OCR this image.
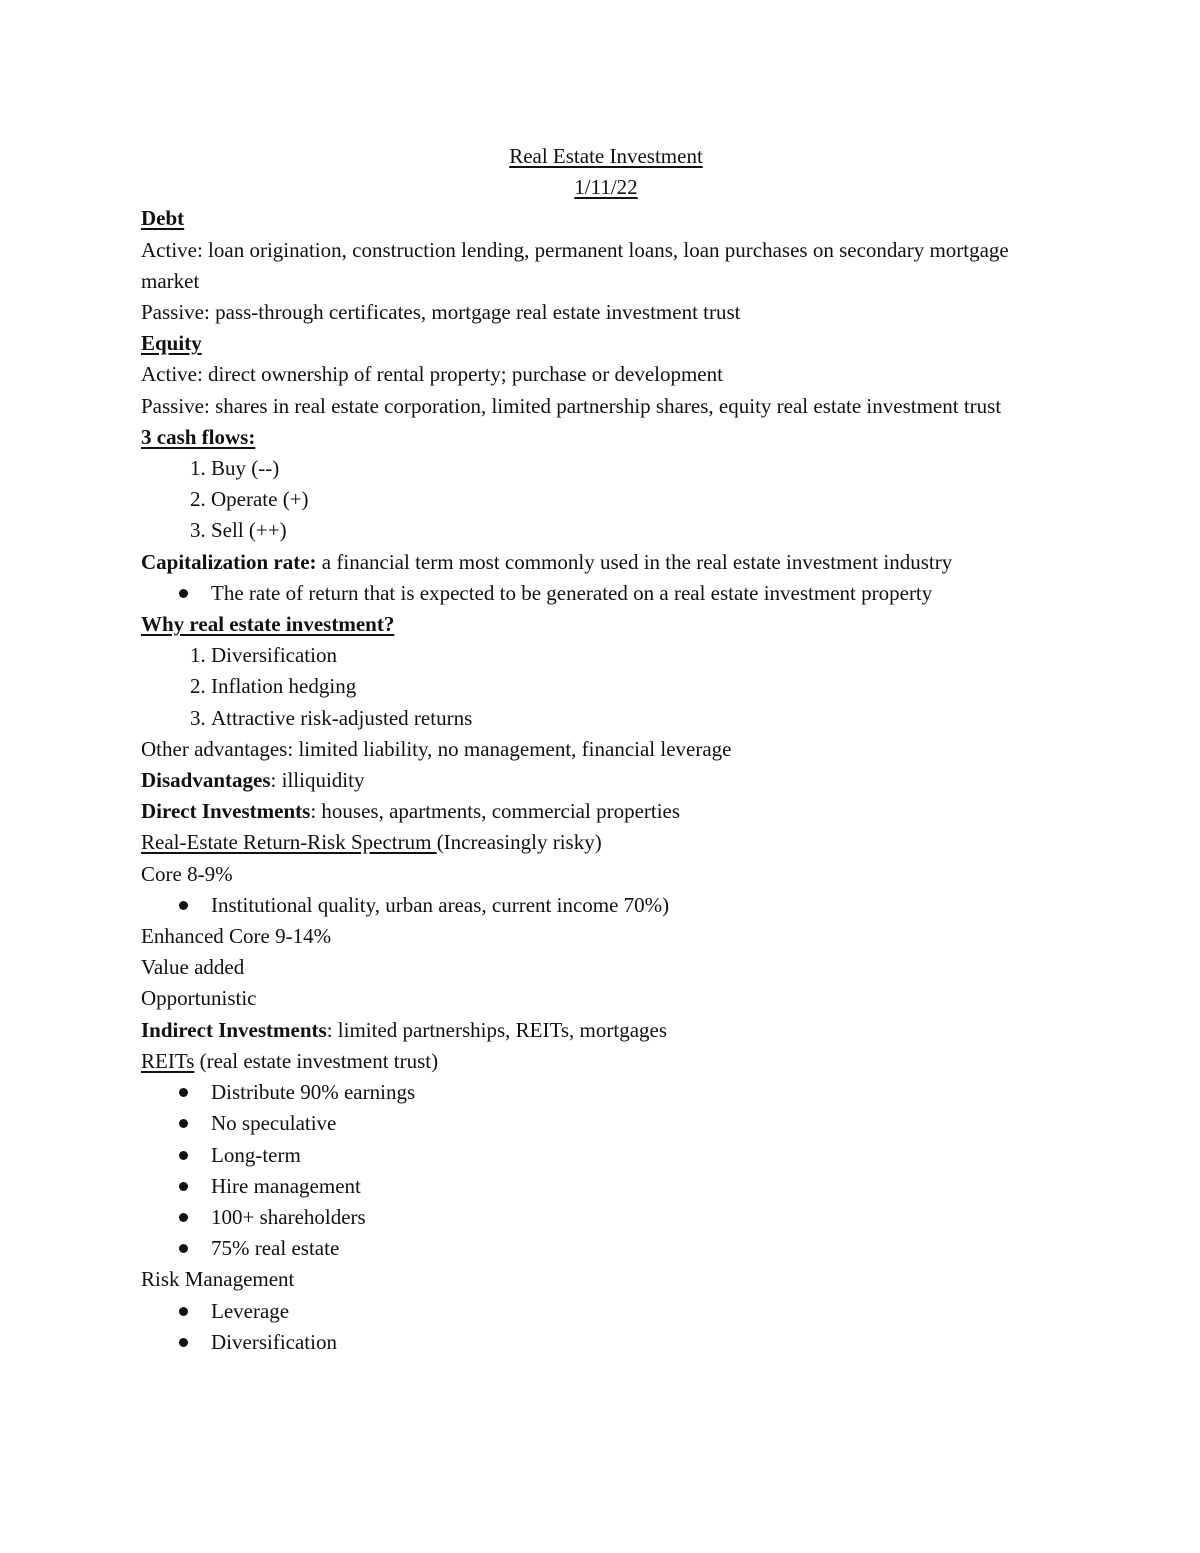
Real Estate Investment

1/11/22

Debt

Active: loan origination, construction lending, permanent loans, loan purchases on secondary mortgage market

Passive: pass-through certificates, mortgage real estate investment trust

Equity

Active: direct ownership of rental property; purchase or development

Passive: shares in real estate corporation, limited partnership shares, equity real estate investment trust

3 cash flows:

1. Buy (--)
2. Operate (+)
3. Sell (++)

Capitalization rate: a financial term most commonly used in the real estate investment industry

The rate of return that is expected to be generated on a real estate investment property

Why real estate investment?

1. Diversification
2. Inflation hedging
3. Attractive risk-adjusted returns

Other advantages: limited liability, no management, financial leverage

Disadvantages: illiquidity

Direct Investments: houses, apartments, commercial properties

Real-Estate Return-Risk Spectrum (Increasingly risky)

Core 8-9%

Institutional quality, urban areas, current income 70%)

Enhanced Core 9-14%

Value added

Opportunistic

Indirect Investments: limited partnerships, REITs, mortgages

REITs (real estate investment trust)

Distribute 90% earnings
No speculative
Long-term
Hire management
100+ shareholders
75% real estate

Risk Management

Leverage
Diversification
